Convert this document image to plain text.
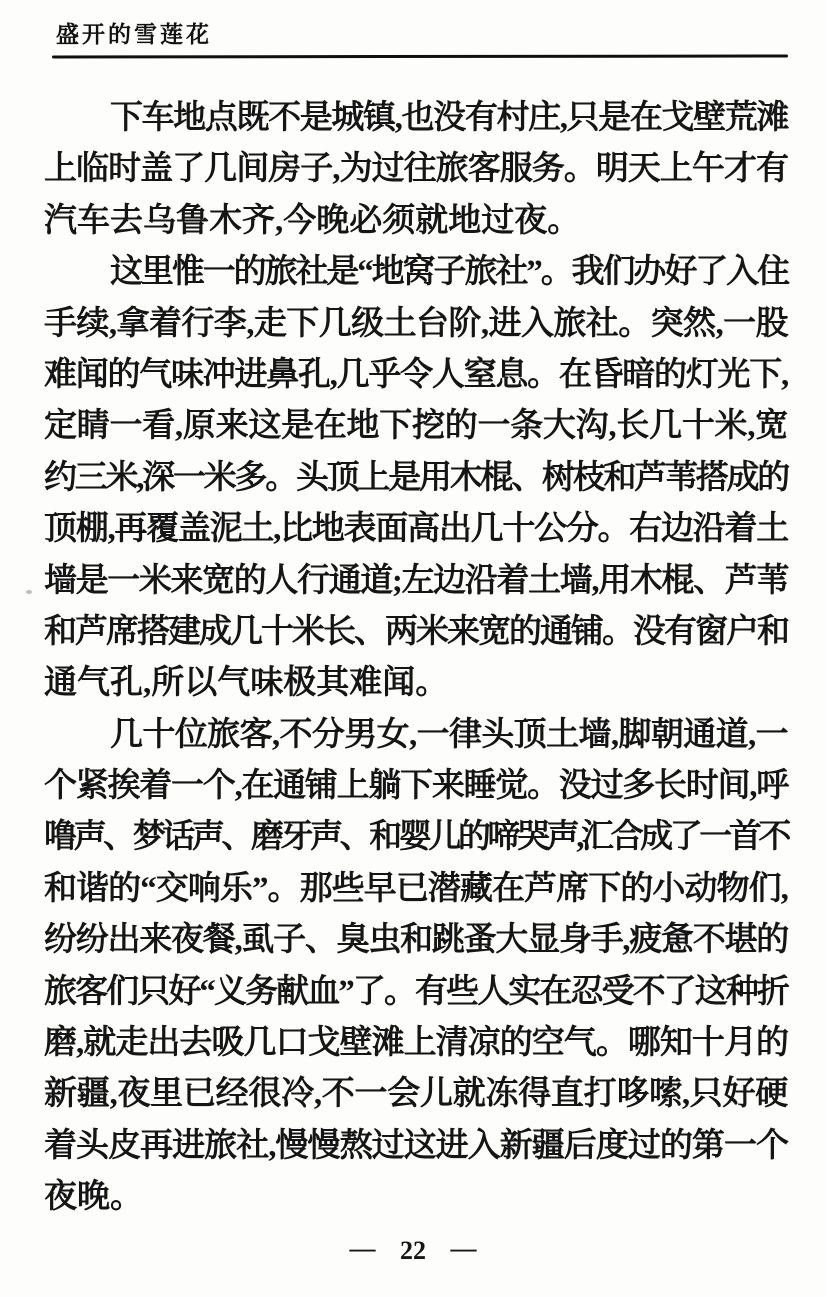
盛开的雪莲花
下车地点既不是城镇,也没有村庄,只是在戈壁荒滩
上临时盖了几间房子,为过往旅客服务。明天上午才有
汽车去乌鲁木齐,今晚必须就地过夜。
这里惟一的旅社是“地窝子旅社”。我们办好了入住
手续,拿着行李,走下几级土台阶,进入旅社。突然,一股
难闻的气味冲进鼻孔,几乎令人窒息。在昏暗的灯光下,
定睛一看,原来这是在地下挖的一条大沟,长几十米,宽
约三米,深一米多。头顶上是用木棍、树枝和芦苇搭成的
顶棚,再覆盖泥土,比地表面高出几十公分。右边沿着土
墙是一米来宽的人行通道;左边沿着土墙,用木棍、芦苇
和芦席搭建成几十米长、两米来宽的通铺。没有窗户和
通气孔,所以气味极其难闻。
几十位旅客,不分男女,一律头顶土墙,脚朝通道,一
个紧挨着一个,在通铺上躺下来睡觉。没过多长时间,呼
噜声、梦话声、磨牙声、和婴儿的啼哭声,汇合成了一首不
和谐的“交响乐”。那些早已潜藏在芦席下的小动物们,
纷纷出来夜餐,虱子、臭虫和跳蚤大显身手,疲惫不堪的
旅客们只好“义务献血”了。有些人实在忍受不了这种折
磨,就走出去吸几口戈壁滩上清凉的空气。哪知十月的
新疆,夜里已经很冷,不一会儿就冻得直打哆嗦,只好硬
着头皮再进旅社,慢慢熬过这进入新疆后度过的第一个
夜晚。
— 22 —
